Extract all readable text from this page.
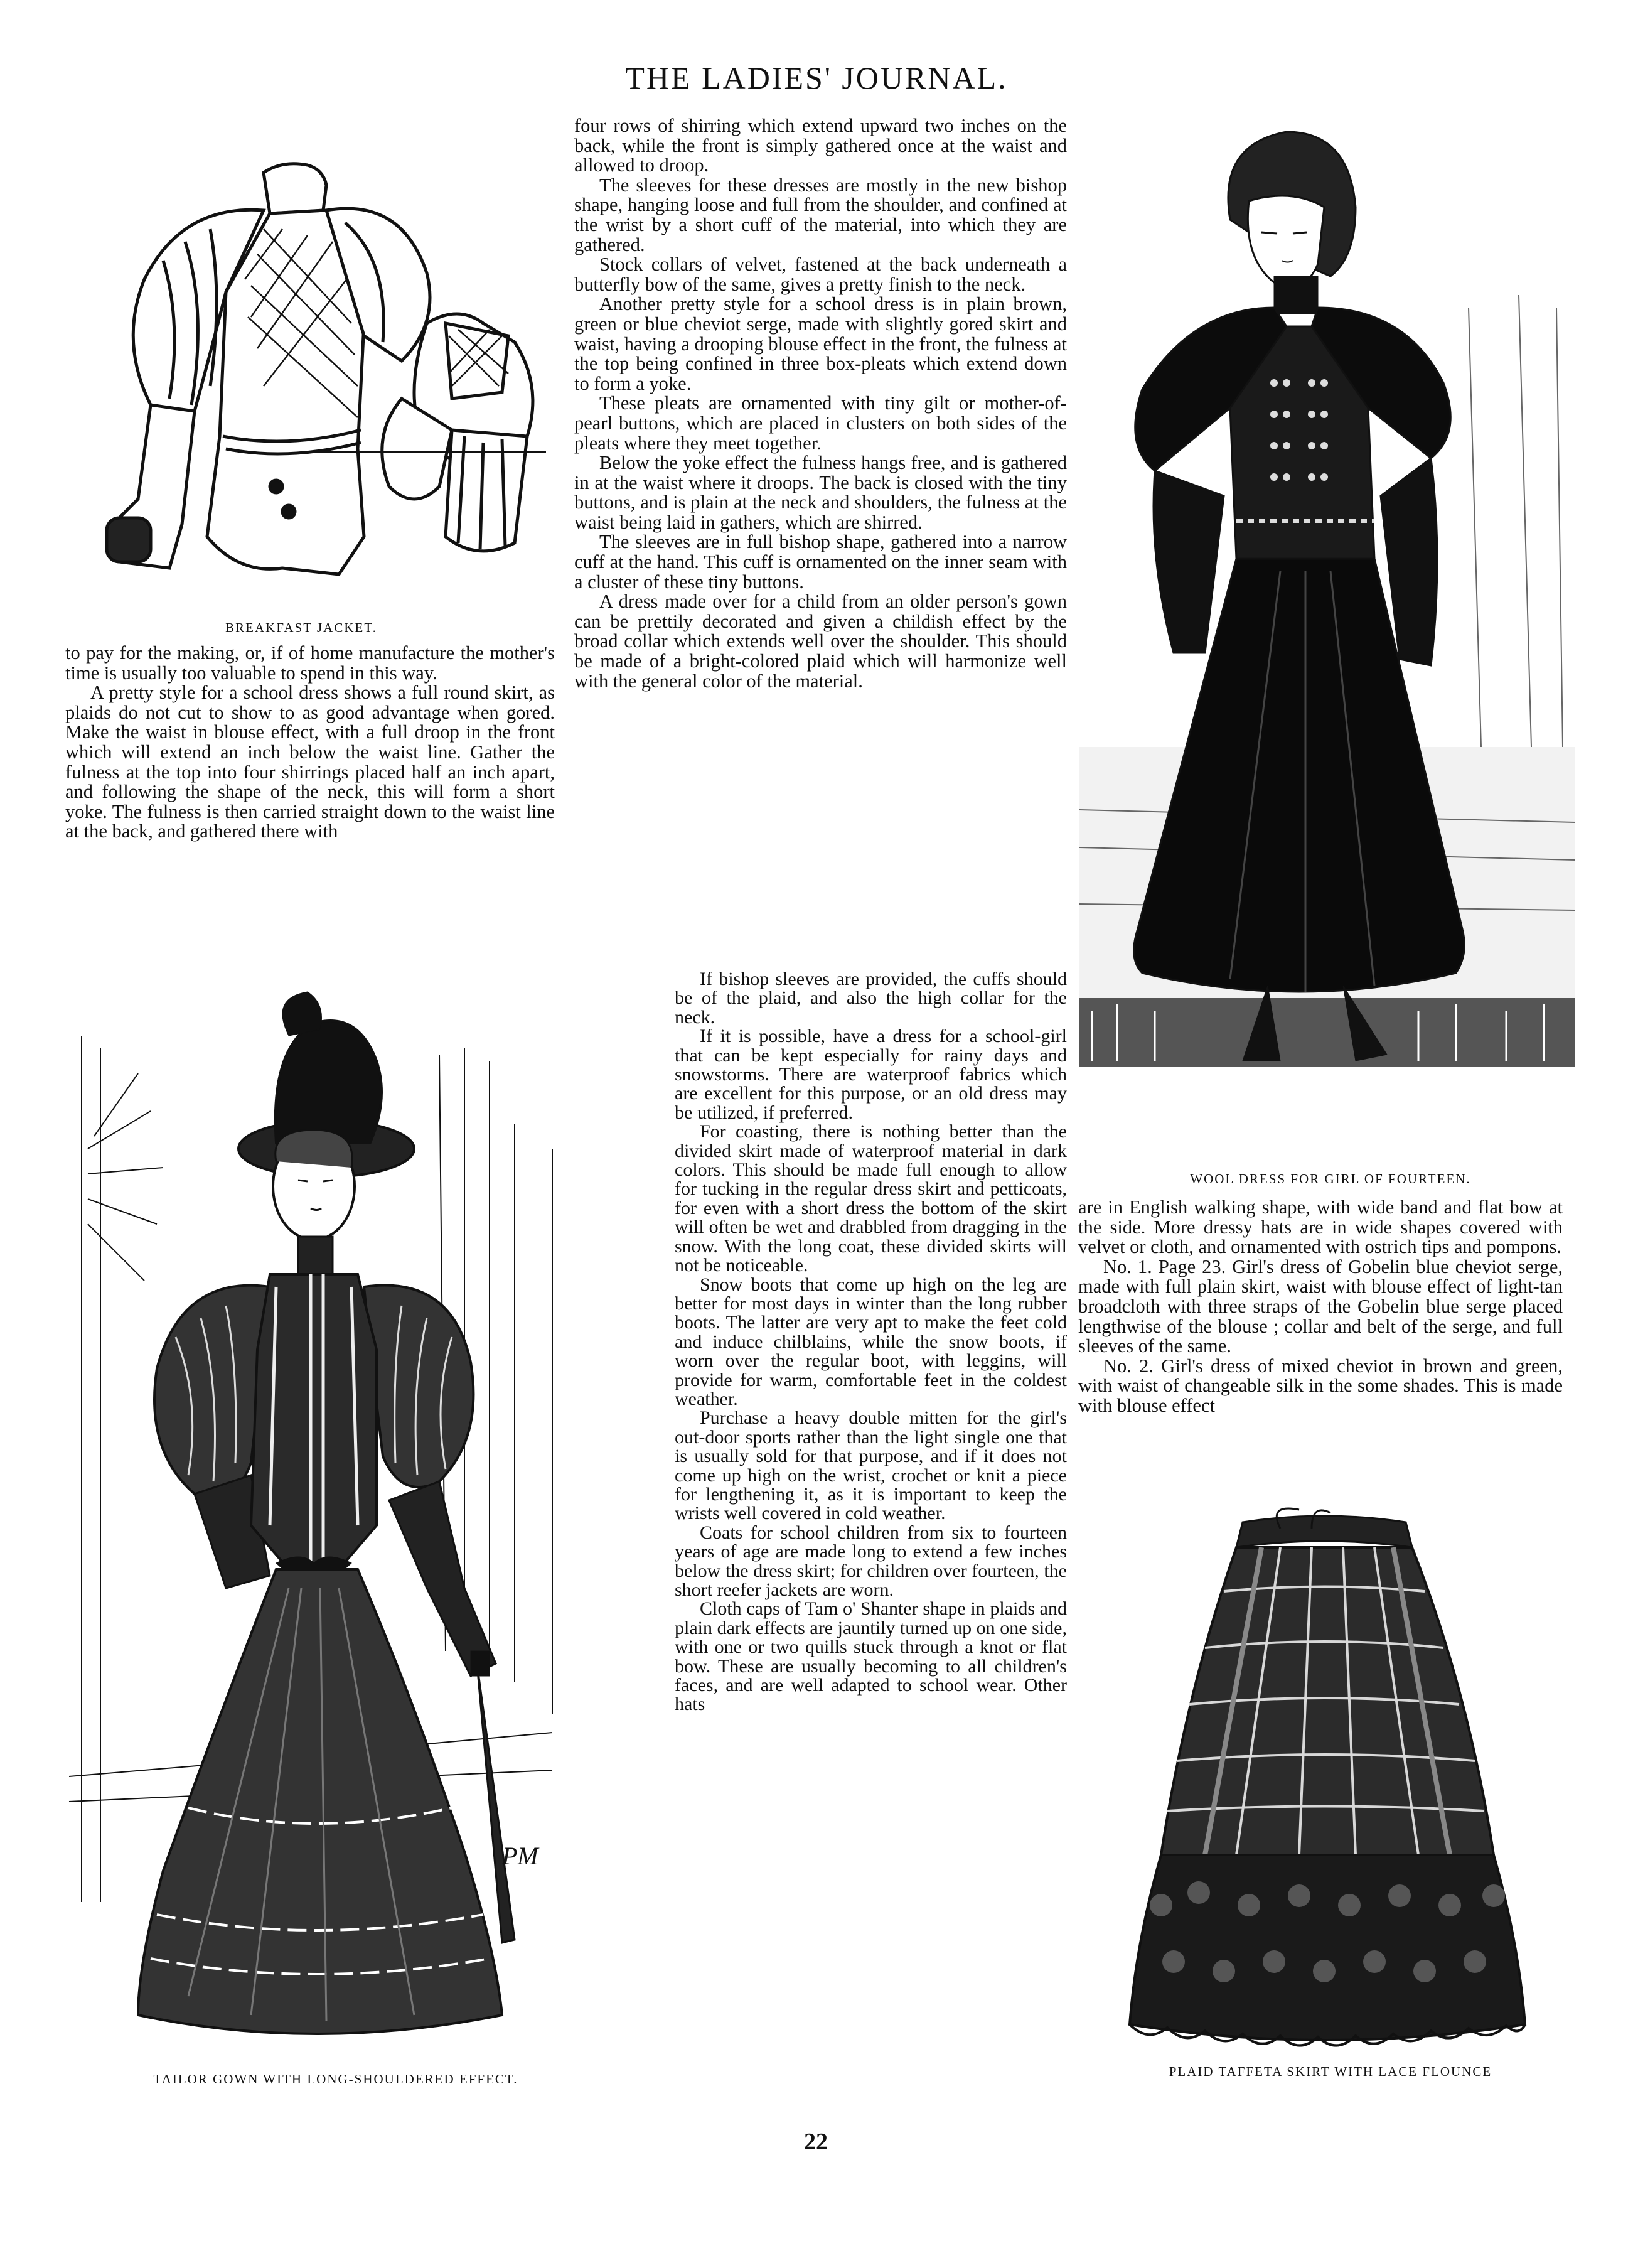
THE LADIES' JOURNAL.
BREAKFAST JACKET.

to pay for the making, or, if of home manufacture the mother's time is usually too valuable to spend in this way.

A pretty style for a school dress shows a full round skirt, as plaids do not cut to show to as good advantage when gored. Make the waist in blouse effect, with a full droop in the front which will extend an inch below the waist line. Gather the fulness at the top into four shirrings placed half an inch apart, and following the shape of the neck, this will form a short yoke. The fulness is then carried straight down to the waist line at the back, and gathered there with

PM
TAILOR GOWN WITH LONG-SHOULDERED EFFECT.

four rows of shirring which extend upward two inches on the back, while the front is simply gathered once at the waist and allowed to droop.

The sleeves for these dresses are mostly in the new bishop shape, hanging loose and full from the shoulder, and confined at the wrist by a short cuff of the material, into which they are gathered.

Stock collars of velvet, fastened at the back underneath a butterfly bow of the same, gives a pretty finish to the neck.

Another pretty style for a school dress is in plain brown, green or blue cheviot serge, made with slightly gored skirt and waist, having a drooping blouse effect in the front, the fulness at the top being confined in three box-pleats which extend down to form a yoke.

These pleats are ornamented with tiny gilt or mother-of-pearl buttons, which are placed in clusters on both sides of the pleats where they meet together.

Below the yoke effect the fulness hangs free, and is gathered in at the waist where it droops. The back is closed with the tiny buttons, and is plain at the neck and shoulders, the fulness at the waist being laid in gathers, which are shirred.

The sleeves are in full bishop shape, gathered into a narrow cuff at the hand. This cuff is ornamented on the inner seam with a cluster of these tiny buttons.

A dress made over for a child from an older person's gown can be prettily decorated and given a childish effect by the broad collar which extends well over the shoulder. This should be made of a bright-colored plaid which will harmonize well with the general color of the material.

If bishop sleeves are provided, the cuffs should be of the plaid, and also the high collar for the neck.

If it is possible, have a dress for a school-girl that can be kept especially for rainy days and snowstorms. There are waterproof fabrics which are excellent for this purpose, or an old dress may be utilized, if preferred.

For coasting, there is nothing better than the divided skirt made of waterproof material in dark colors. This should be made full enough to allow for tucking in the regular dress skirt and petticoats, for even with a short dress the bottom of the skirt will often be wet and drabbled from dragging in the snow. With the long coat, these divided skirts will not be noticeable.

Snow boots that come up high on the leg are better for most days in winter than the long rubber boots. The latter are very apt to make the feet cold and induce chilblains, while the snow boots, if worn over the regular boot, with leggins, will provide for warm, comfortable feet in the coldest weather.

Purchase a heavy double mitten for the girl's out-door sports rather than the light single one that is usually sold for that purpose, and if it does not come up high on the wrist, crochet or knit a piece for lengthening it, as it is important to keep the wrists well covered in cold weather.

Coats for school children from six to fourteen years of age are made long to extend a few inches below the dress skirt; for children over fourteen, the short reefer jackets are worn.

Cloth caps of Tam o' Shanter shape in plaids and plain dark effects are jauntily turned up on one side, with one or two quills stuck through a knot or flat bow. These are usually becoming to all children's faces, and are well adapted to school wear. Other hats

WOOL DRESS FOR GIRL OF FOURTEEN.

are in English walking shape, with wide band and flat bow at the side. More dressy hats are in wide shapes covered with velvet or cloth, and ornamented with ostrich tips and pompons.

No. 1. Page 23. Girl's dress of Gobelin blue cheviot serge, made with full plain skirt, waist with blouse effect of light-tan broadcloth with three straps of the Gobelin blue serge placed lengthwise of the blouse ; collar and belt of the serge, and full sleeves of the same.

No. 2. Girl's dress of mixed cheviot in brown and green, with waist of changeable silk in the some shades. This is made with blouse effect

PLAID TAFFETA SKIRT WITH LACE FLOUNCE
22
